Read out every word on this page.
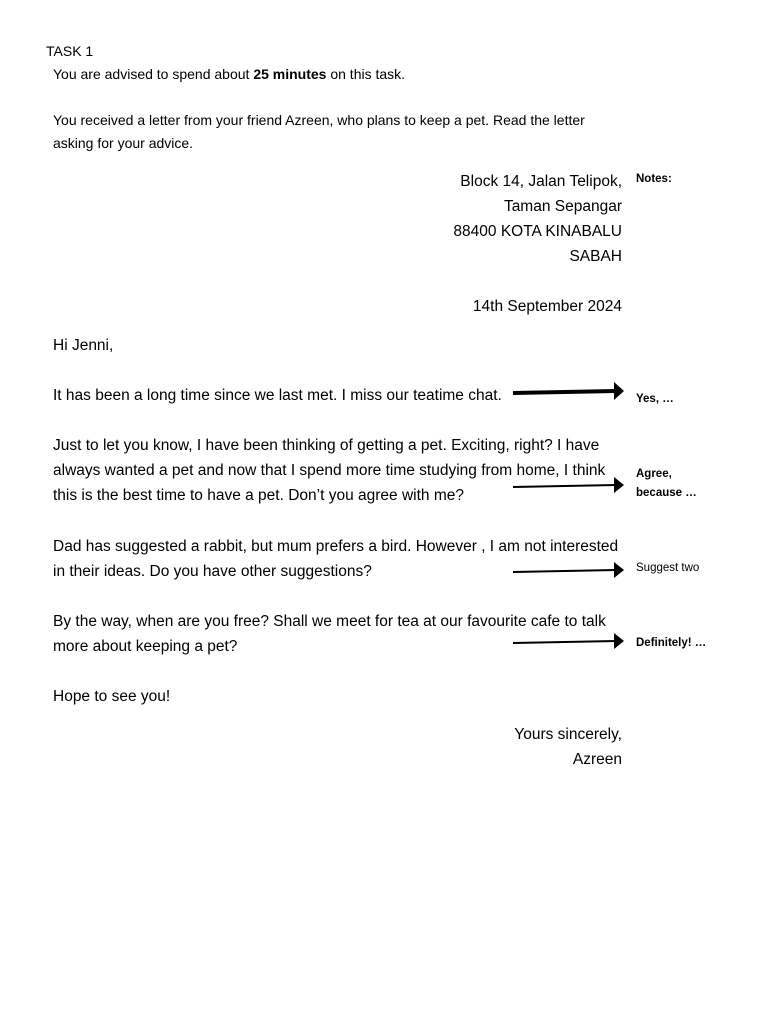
TASK 1
You are advised to spend about 25 minutes on this task.
You received a letter from your friend Azreen, who plans to keep a pet. Read the letter
asking for your advice.
Block 14, Jalan Telipok,
Taman Sepangar
88400 KOTA KINABALU
SABAH
14th September 2024
Hi Jenni,
It has been a long time since we last met. I miss our teatime chat.
Just to let you know, I have been thinking of getting a pet. Exciting, right? I have
always wanted a pet and now that I spend more time studying from home, I think
this is the best time to have a pet. Don’t you agree with me?
Dad has suggested a rabbit, but mum prefers a bird. However , I am not interested
in their ideas. Do you have other suggestions?
By the way, when are you free? Shall we meet for tea at our favourite cafe to talk
more about keeping a pet?
Hope to see you!
Yours sincerely,
Azreen
Notes:
Yes, …
Agree,
because …
Suggest two
Definitely! …
